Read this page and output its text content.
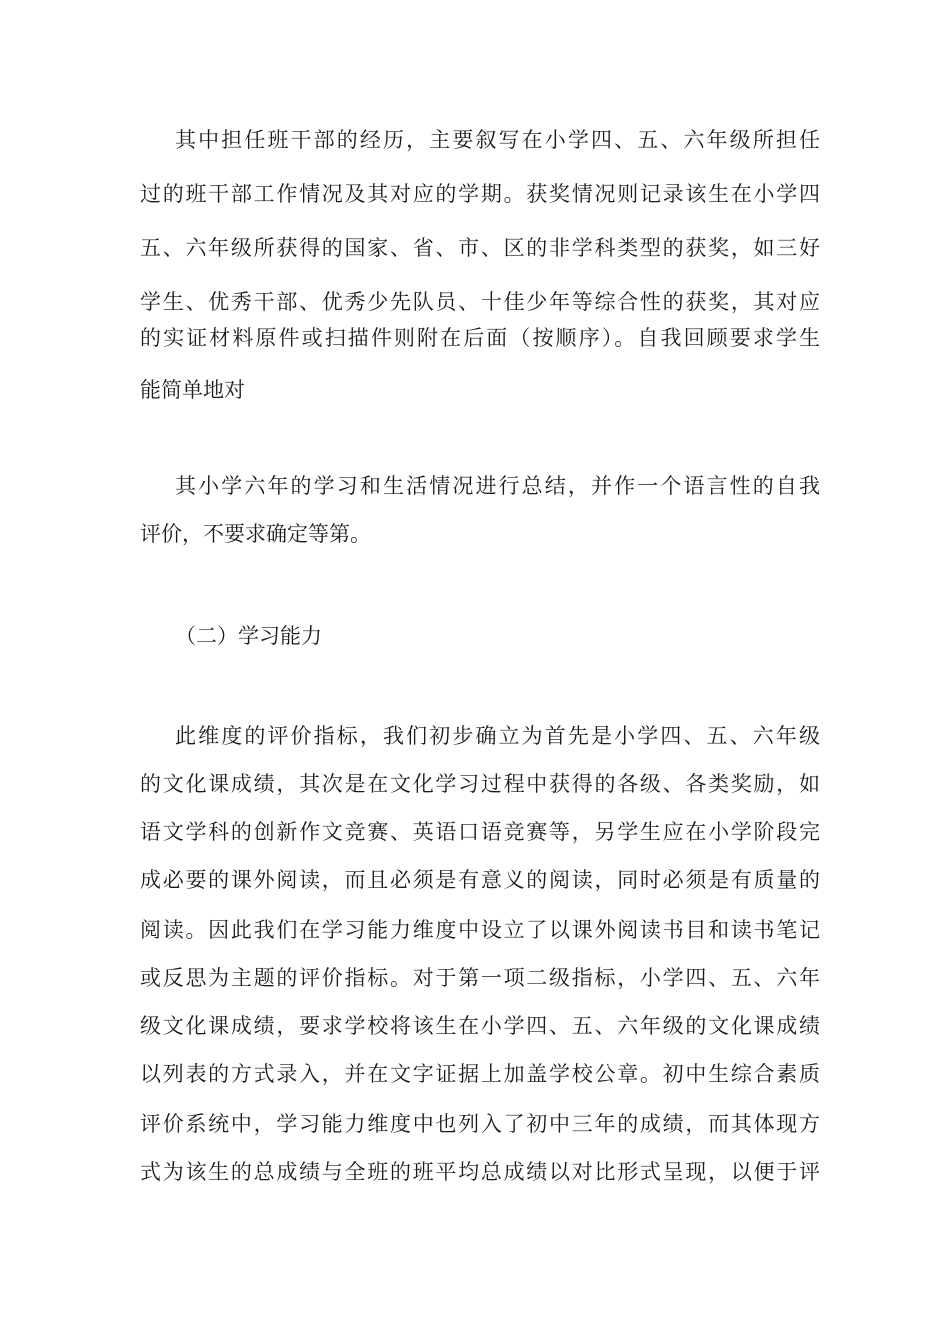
其中担任班干部的经历，主要叙写在小学四、五、六年级所担任
过的班干部工作情况及其对应的学期。获奖情况则记录该生在小学四
五、六年级所获得的国家、省、市、区的非学科类型的获奖，如三好
学生、优秀干部、优秀少先队员、十佳少年等综合性的获奖，其对应
的实证材料原件或扫描件则附在后面（按顺序）。自我回顾要求学生
能简单地对
其小学六年的学习和生活情况进行总结，并作一个语言性的自我
评价，不要求确定等第。
（二）学习能力
此维度的评价指标，我们初步确立为首先是小学四、五、六年级
的文化课成绩，其次是在文化学习过程中获得的各级、各类奖励，如
语文学科的创新作文竞赛、英语口语竞赛等，另学生应在小学阶段完
成必要的课外阅读，而且必须是有意义的阅读，同时必须是有质量的
阅读。因此我们在学习能力维度中设立了以课外阅读书目和读书笔记
或反思为主题的评价指标。对于第一项二级指标，小学四、五、六年
级文化课成绩，要求学校将该生在小学四、五、六年级的文化课成绩
以列表的方式录入，并在文字证据上加盖学校公章。初中生综合素质
评价系统中，学习能力维度中也列入了初中三年的成绩，而其体现方
式为该生的总成绩与全班的班平均总成绩以对比形式呈现，以便于评
